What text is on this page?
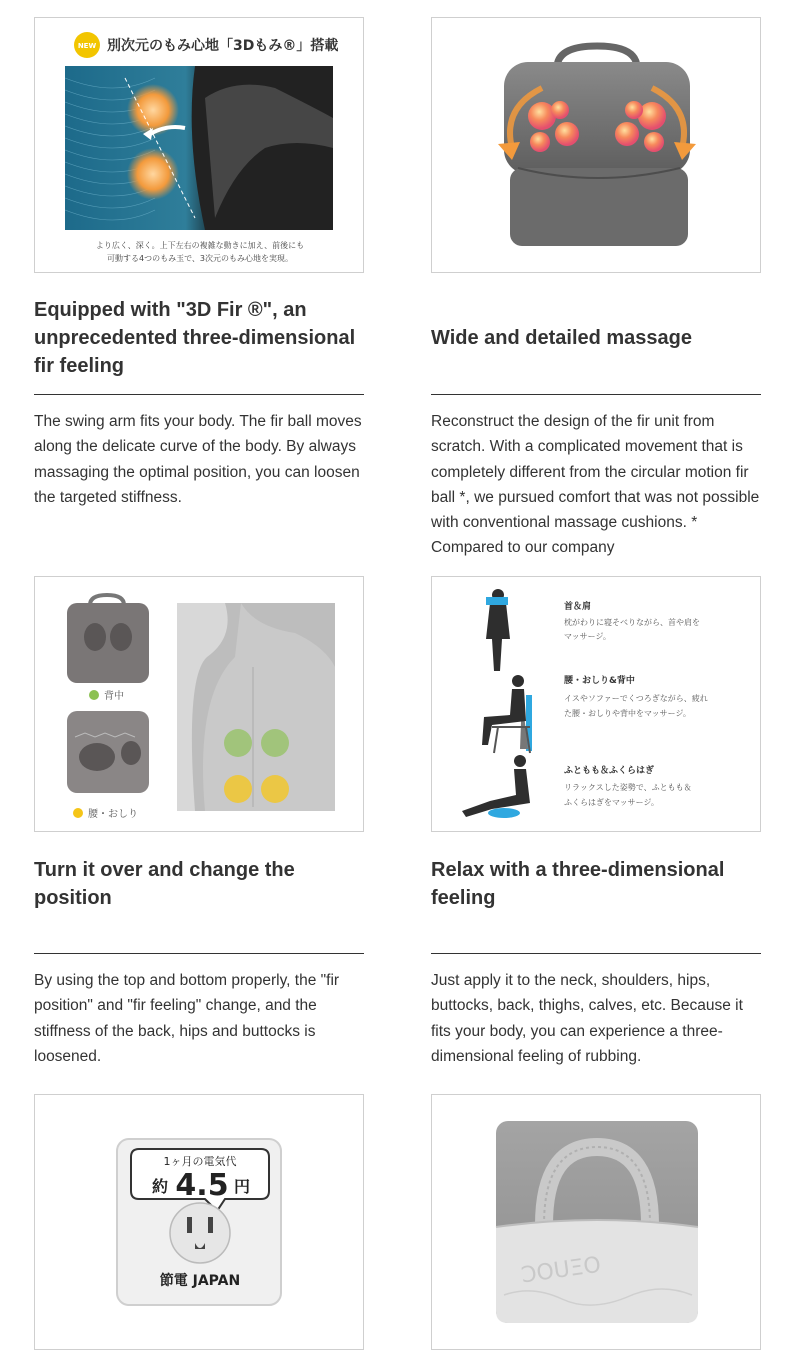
NEW 別次元のもみ心地「3Dもみ®」搭載
より広く、深く。上下左右の複雑な動きに加え、前後にも
可動する4つのもみ玉で、3次元のもみ心地を実現。
Equipped with "3D Fir ®", an unprecedented three-dimensional fir feeling
The swing arm fits your body. The fir ball moves along the delicate curve of the body. By always massaging the optimal position, you can loosen the targeted stiffness.
Wide and detailed massage
Reconstruct the design of the fir unit from scratch. With a complicated movement that is completely different from the circular motion fir ball *, we pursued comfort that was not possible with conventional massage cushions. * Compared to our company
背中
腰・おしり
Turn it over and change the position
By using the top and bottom properly, the "fir position" and "fir feeling" change, and the stiffness of the back, hips and buttocks is loosened.
首＆肩
枕がわりに寝そべりながら、首や肩を
マッサージ。
腰・おしり&背中
イスやソファーでくつろぎながら、疲れ
た腰・おしりや背中をマッサージ。
ふともも＆ふくらはぎ
リラックスした姿勢で、ふともも＆
ふくらはぎをマッサージ。
Relax with a three-dimensional feeling
Just apply it to the neck, shoulders, hips, buttocks, back, thighs, calves, etc. Because it fits your body, you can experience a three-dimensional feeling of rubbing.
1ヶ月の電気代
約 4.5 円
節電 JAPAN	ƆOUΞO
